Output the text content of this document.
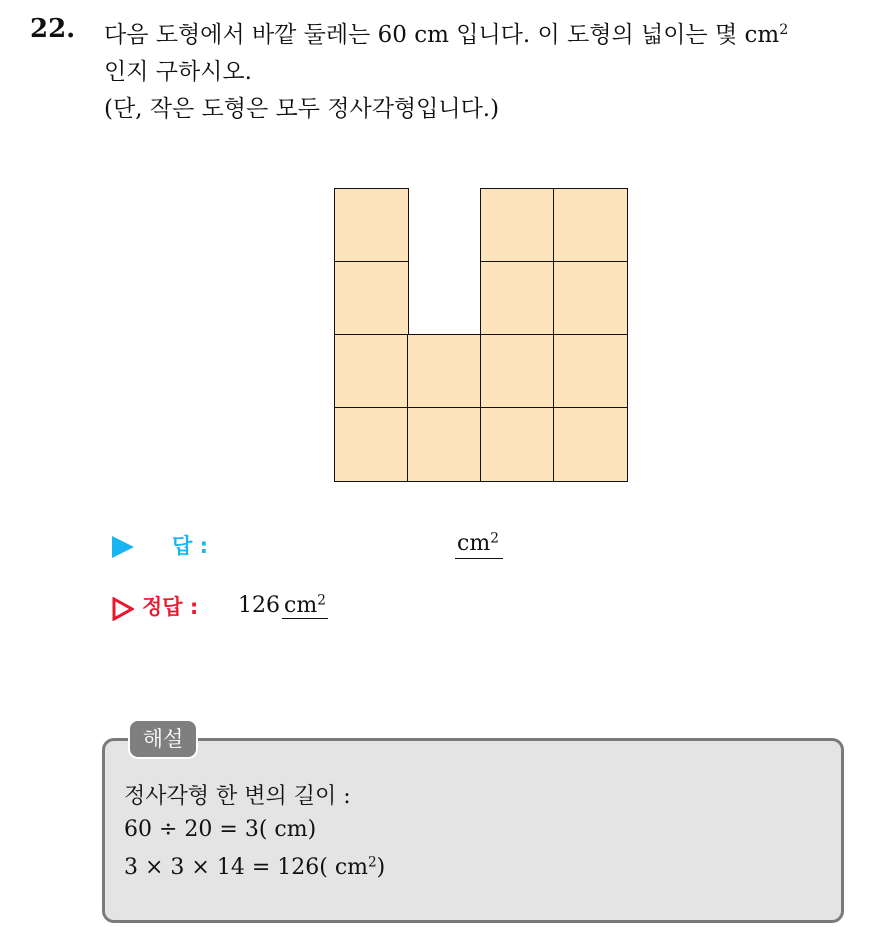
22. 다음 도형에서 바깥 둘레는 60 cm 입니다. 이 도형의 넓이는 몇 $cm^2$
인지 구하시오.
(단, 작은 도형은 모두 정사각형입니다.)
답 :	$cm^2$
정답 : 126 $cm^2$
해설
정사각형 한 변의 길이 :
60 ÷ 20 = 3( cm)
3 × 3 × 14 = 126( $cm^2$)
